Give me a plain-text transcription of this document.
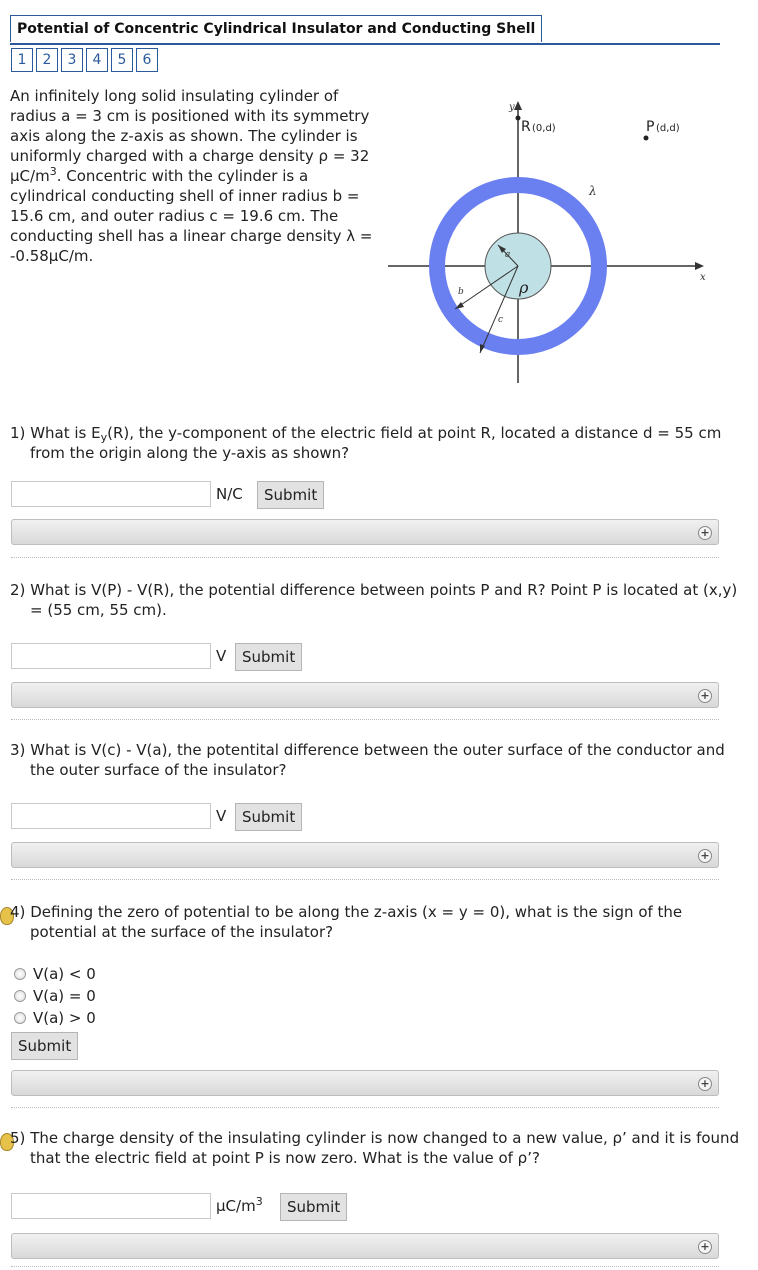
Potential of Concentric Cylindrical Insulator and Conducting Shell
1	2	3	4	5	6

An infinitely long solid insulating cylinder of radius a = 3 cm is positioned with its symmetry axis along the z-axis as shown. The cylinder is uniformly charged with a charge density ρ = 32 $\mu C/m^3$. Concentric with the cylinder is a cylindrical conducting shell of inner radius b = 15.6 cm, and outer radius c = 19.6 cm. The conducting shell has a linear charge density λ = -0.58μC/m.

y
x
R (0,d)	P (d,d)
λ
ρ
a
b
c

1) What is $E_y(R)$, the y-component of the electric field at point R, located a distance d = 55 cm from the origin along the y-axis as shown?

N/C	Submit
+

2) What is V(P) - V(R), the potential difference between points P and R? Point P is located at (x,y) = (55 cm, 55 cm).

V	Submit
+

3) What is V(c) - V(a), the potentital difference between the outer surface of the conductor and the outer surface of the insulator?

V	Submit
+

4) Defining the zero of potential to be along the z-axis (x = y = 0), what is the sign of the potential at the surface of the insulator?

V(a) < 0
V(a) = 0
V(a) > 0
Submit
+

5) The charge density of the insulating cylinder is now changed to a new value, ρ’ and it is found that the electric field at point P is now zero. What is the value of ρ’?

$\mu C/m^3$	Submit
+
